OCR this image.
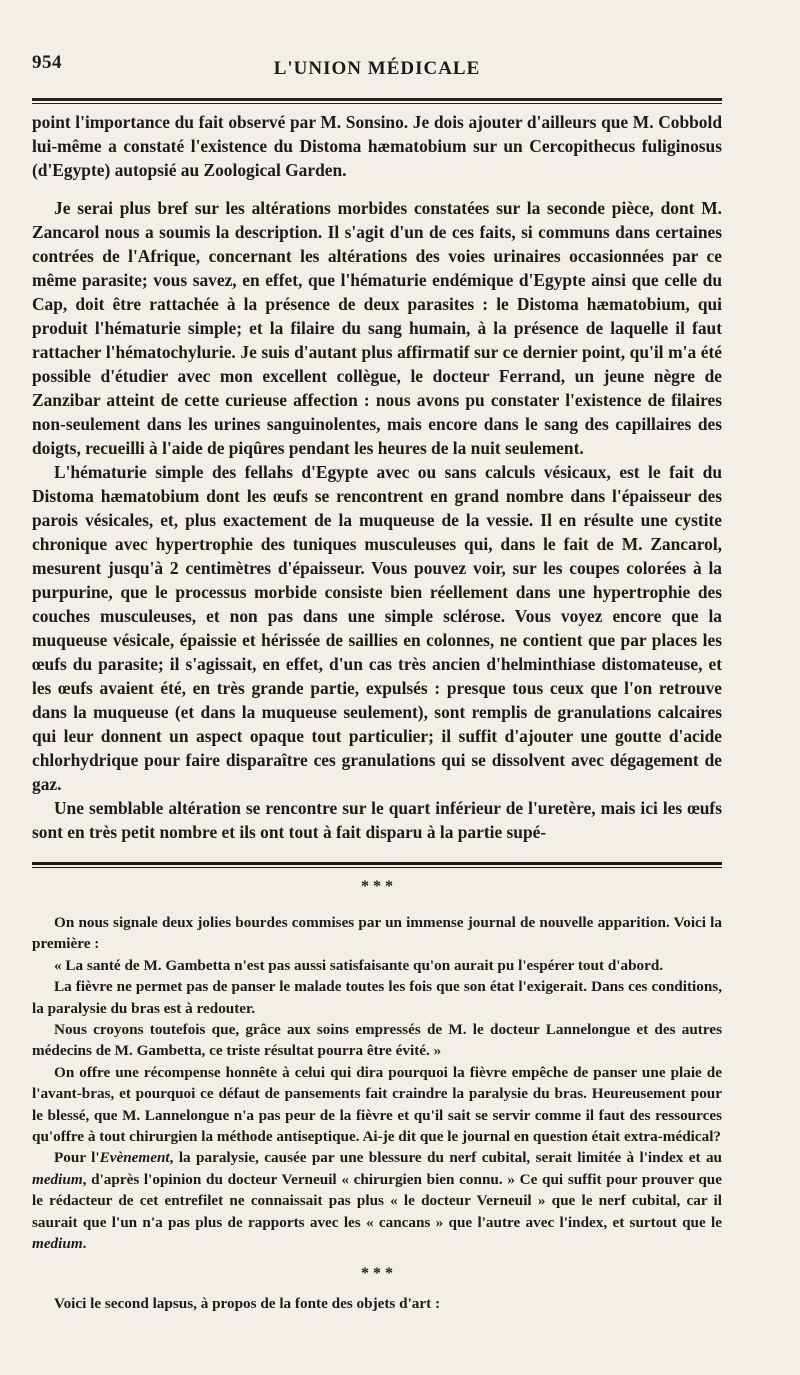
954	L'UNION MÉDICALE

point l'importance du fait observé par M. Sonsino. Je dois ajouter d'ailleurs que M. Cobbold lui-même a constaté l'existence du Distoma hæmatobium sur un Cercopithecus fuliginosus (d'Egypte) autopsié au Zoological Garden.

Je serai plus bref sur les altérations morbides constatées sur la seconde pièce, dont M. Zancarol nous a soumis la description. Il s'agit d'un de ces faits, si communs dans certaines contrées de l'Afrique, concernant les altérations des voies urinaires occasionnées par ce même parasite; vous savez, en effet, que l'hématurie endémique d'Egypte ainsi que celle du Cap, doit être rattachée à la présence de deux parasites : le Distoma hæmatobium, qui produit l'hématurie simple; et la filaire du sang humain, à la présence de laquelle il faut rattacher l'hématochylurie. Je suis d'autant plus affirmatif sur ce dernier point, qu'il m'a été possible d'étudier avec mon excellent collègue, le docteur Ferrand, un jeune nègre de Zanzibar atteint de cette curieuse affection : nous avons pu constater l'existence de filaires non-seulement dans les urines sanguinolentes, mais encore dans le sang des capillaires des doigts, recueilli à l'aide de piqûres pendant les heures de la nuit seulement.

L'hématurie simple des fellahs d'Egypte avec ou sans calculs vésicaux, est le fait du Distoma hæmatobium dont les œufs se rencontrent en grand nombre dans l'épaisseur des parois vésicales, et, plus exactement de la muqueuse de la vessie. Il en résulte une cystite chronique avec hypertrophie des tuniques musculeuses qui, dans le fait de M. Zancarol, mesurent jusqu'à 2 centimètres d'épaisseur. Vous pouvez voir, sur les coupes colorées à la purpurine, que le processus morbide consiste bien réellement dans une hypertrophie des couches musculeuses, et non pas dans une simple sclérose. Vous voyez encore que la muqueuse vésicale, épaissie et hérissée de saillies en colonnes, ne contient que par places les œufs du parasite; il s'agissait, en effet, d'un cas très ancien d'helminthiase distomateuse, et les œufs avaient été, en très grande partie, expulsés : presque tous ceux que l'on retrouve dans la muqueuse (et dans la muqueuse seulement), sont remplis de granulations calcaires qui leur donnent un aspect opaque tout particulier; il suffit d'ajouter une goutte d'acide chlorhydrique pour faire disparaître ces granulations qui se dissolvent avec dégagement de gaz.

Une semblable altération se rencontre sur le quart inférieur de l'uretère, mais ici les œufs sont en très petit nombre et ils ont tout à fait disparu à la partie supé-

* * *

On nous signale deux jolies bourdes commises par un immense journal de nouvelle apparition. Voici la première :

« La santé de M. Gambetta n'est pas aussi satisfaisante qu'on aurait pu l'espérer tout d'abord.

La fièvre ne permet pas de panser le malade toutes les fois que son état l'exigerait. Dans ces conditions, la paralysie du bras est à redouter.

Nous croyons toutefois que, grâce aux soins empressés de M. le docteur Lannelongue et des autres médecins de M. Gambetta, ce triste résultat pourra être évité. »

On offre une récompense honnête à celui qui dira pourquoi la fièvre empêche de panser une plaie de l'avant-bras, et pourquoi ce défaut de pansements fait craindre la paralysie du bras. Heureusement pour le blessé, que M. Lannelongue n'a pas peur de la fièvre et qu'il sait se servir comme il faut des ressources qu'offre à tout chirurgien la méthode antiseptique. Ai-je dit que le journal en question était extra-médical?

Pour l'Evènement, la paralysie, causée par une blessure du nerf cubital, serait limitée à l'index et au medium, d'après l'opinion du docteur Verneuil « chirurgien bien connu. » Ce qui suffit pour prouver que le rédacteur de cet entrefilet ne connaissait pas plus « le docteur Verneuil » que le nerf cubital, car il saurait que l'un n'a pas plus de rapports avec les « cancans » que l'autre avec l'index, et surtout que le medium.

* * *

Voici le second lapsus, à propos de la fonte des objets d'art :
